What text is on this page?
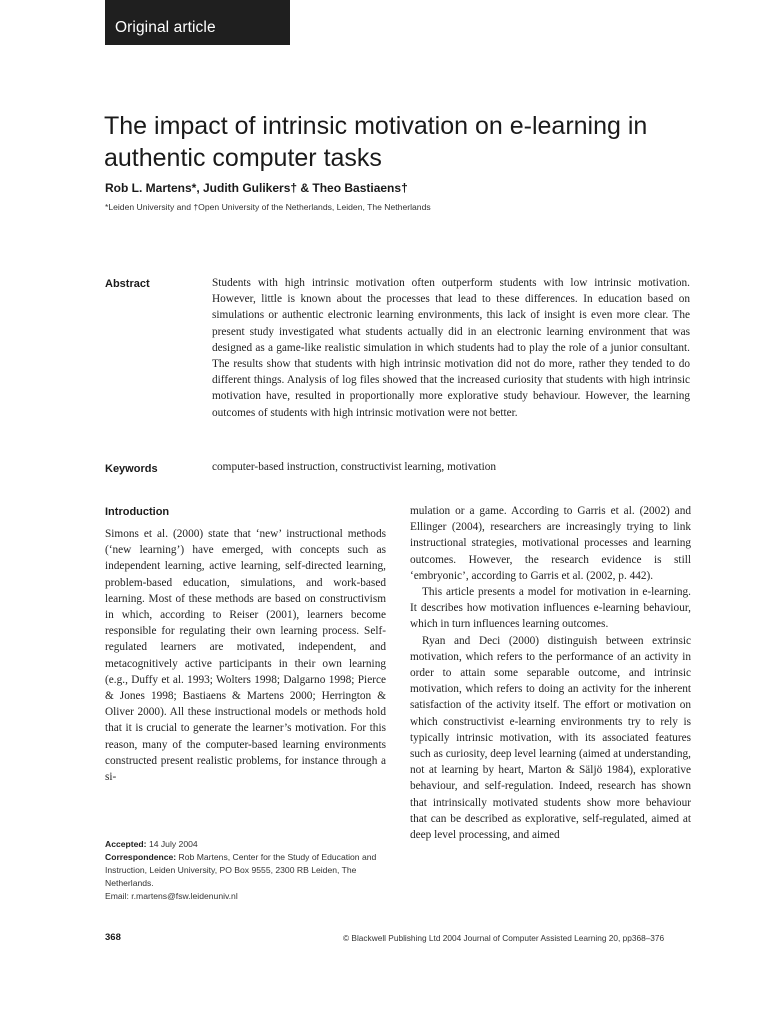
Original article
The impact of intrinsic motivation on e-learning in authentic computer tasks
Rob L. Martens*, Judith Gulikers† & Theo Bastiaens†
*Leiden University and †Open University of the Netherlands, Leiden, The Netherlands
Abstract	Students with high intrinsic motivation often outperform students with low intrinsic motivation. However, little is known about the processes that lead to these differences. In education based on simulations or authentic electronic learning environments, this lack of insight is even more clear. The present study investigated what students actually did in an electronic learning environment that was designed as a game-like realistic simulation in which students had to play the role of a junior consultant. The results show that students with high intrinsic motivation did not do more, rather they tended to do different things. Analysis of log files showed that the increased curiosity that students with high intrinsic motivation have, resulted in proportionally more explorative study behaviour. However, the learning outcomes of students with high intrinsic motivation were not better.

Keywords	computer-based instruction, constructivist learning, motivation
Introduction

Simons et al. (2000) state that ‘new’ instructional methods (‘new learning’) have emerged, with concepts such as independent learning, active learning, self-directed learning, problem-based education, simulations, and work-based learning. Most of these methods are based on constructivism in which, according to Reiser (2001), learners become responsible for regulating their own learning process. Self-regulated learners are motivated, independent, and metacognitively active participants in their own learning (e.g., Duffy et al. 1993; Wolters 1998; Dalgarno 1998; Pierce & Jones 1998; Bastiaens & Martens 2000; Herrington & Oliver 2000). All these instructional models or methods hold that it is crucial to generate the learner’s motivation. For this reason, many of the computer-based learning environments constructed present realistic problems, for instance through a si-

mulation or a game. According to Garris et al. (2002) and Ellinger (2004), researchers are increasingly trying to link instructional strategies, motivational processes and learning outcomes. However, the research evidence is still ‘embryonic’, according to Garris et al. (2002, p. 442).

This article presents a model for motivation in e-learning. It describes how motivation influences e-learning behaviour, which in turn influences learning outcomes.

Ryan and Deci (2000) distinguish between extrinsic motivation, which refers to the performance of an activity in order to attain some separable outcome, and intrinsic motivation, which refers to doing an activity for the inherent satisfaction of the activity itself. The effort or motivation on which constructivist e-learning environments try to rely is typically intrinsic motivation, with its associated features such as curiosity, deep level learning (aimed at understanding, not at learning by heart, Marton & Säljö 1984), explorative behaviour, and self-regulation. Indeed, research has shown that intrinsically motivated students show more behaviour that can be described as explorative, self-regulated, aimed at deep level processing, and aimed

Accepted: 14 July 2004
Correspondence: Rob Martens, Center for the Study of Education and Instruction, Leiden University, PO Box 9555, 2300 RB Leiden, The Netherlands.
Email: r.martens@fsw.leidenuniv.nl
368	© Blackwell Publishing Ltd 2004 Journal of Computer Assisted Learning 20, pp368–376
